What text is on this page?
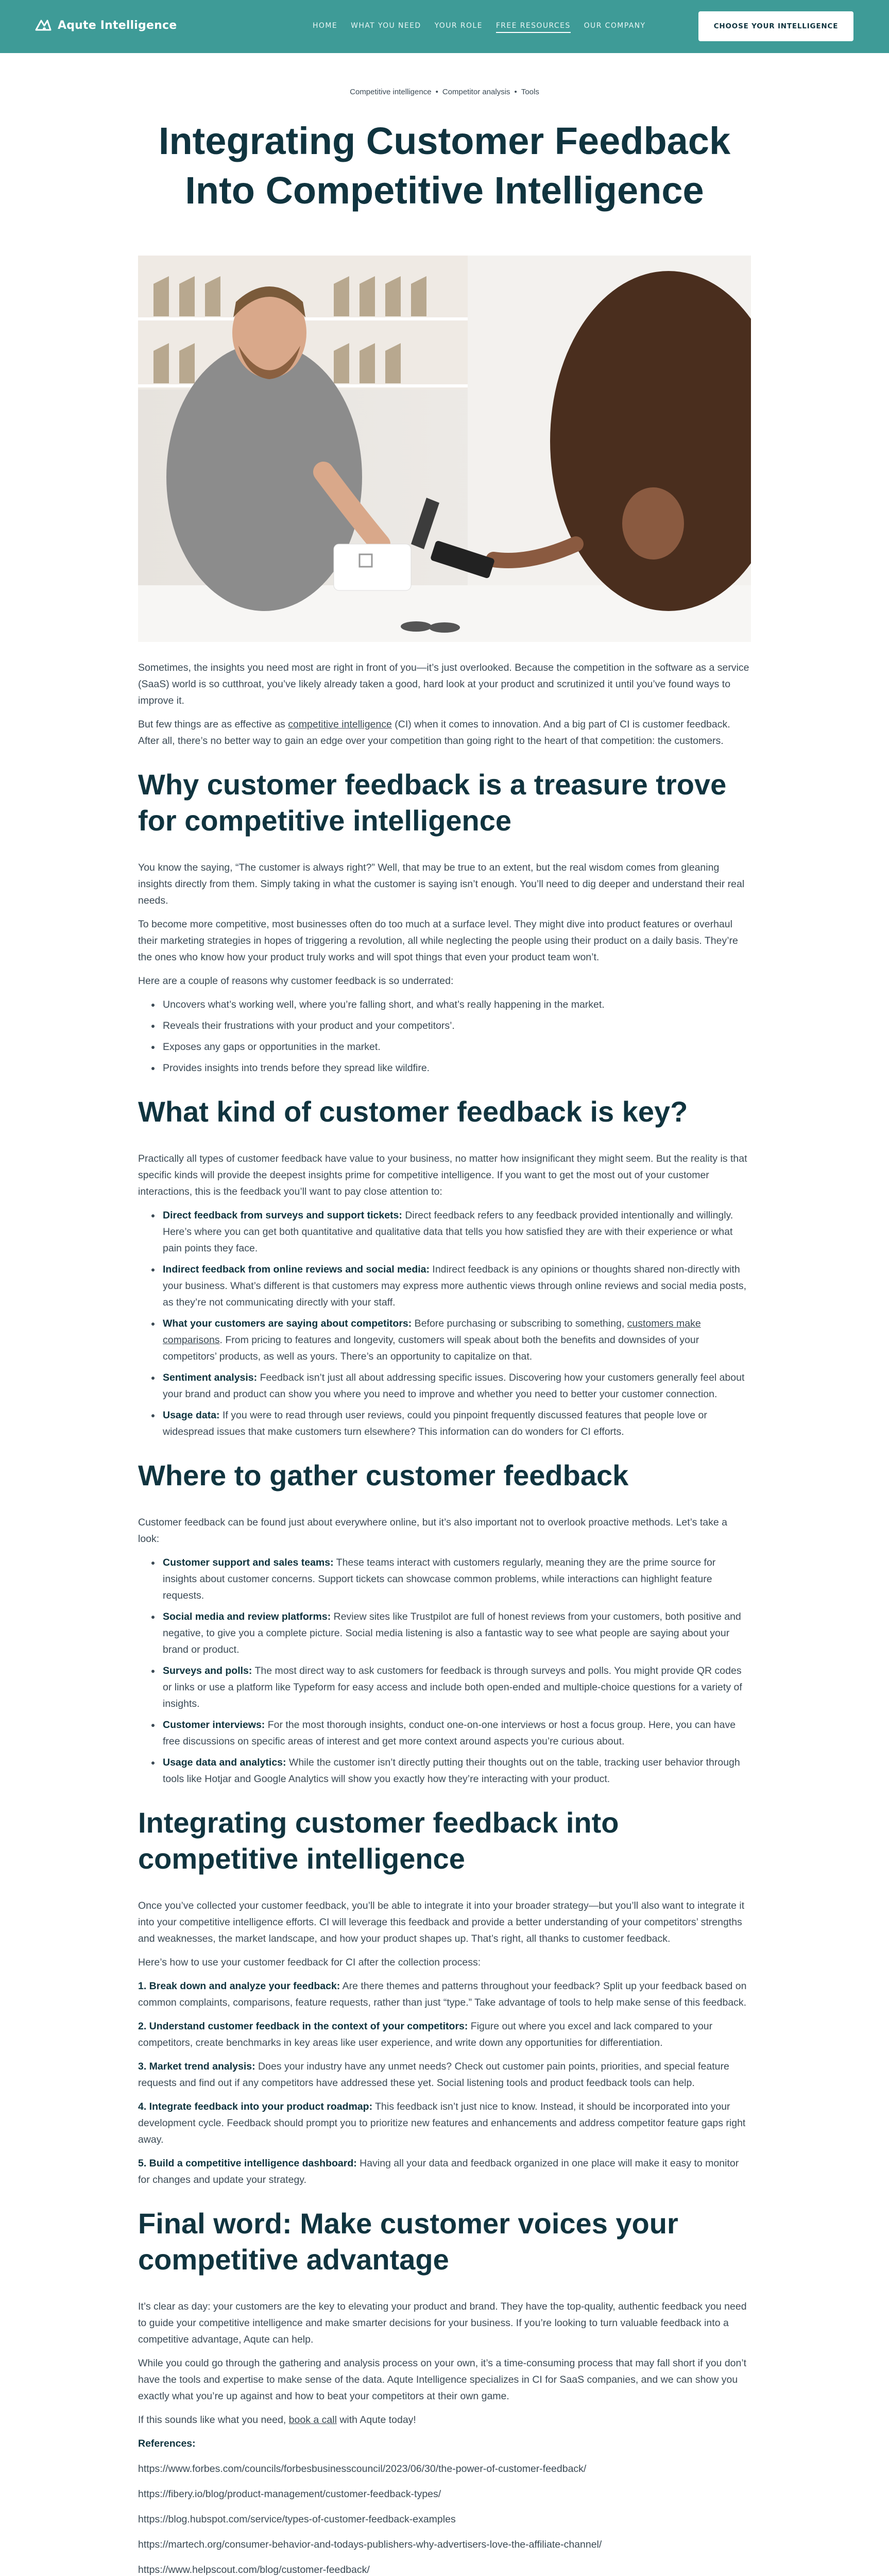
Aqute Intelligence	HOME WHAT YOU NEED YOUR ROLE FREE RESOURCES OUR COMPANY	CHOOSE YOUR INTELLIGENCE
Competitive intelligence • Competitor analysis • Tools
Integrating Customer Feedback Into Competitive Intelligence

Sometimes, the insights you need most are right in front of you—it’s just overlooked. Because the competition in the software as a service (SaaS) world is so cutthroat, you’ve likely already taken a good, hard look at your product and scrutinized it until you’ve found ways to improve it.

But few things are as effective as competitive intelligence (CI) when it comes to innovation. And a big part of CI is customer feedback. After all, there’s no better way to gain an edge over your competition than going right to the heart of that competition: the customers.

Why customer feedback is a treasure trove for competitive intelligence

You know the saying, “The customer is always right?” Well, that may be true to an extent, but the real wisdom comes from gleaning insights directly from them. Simply taking in what the customer is saying isn’t enough. You’ll need to dig deeper and understand their real needs.

To become more competitive, most businesses often do too much at a surface level. They might dive into product features or overhaul their marketing strategies in hopes of triggering a revolution, all while neglecting the people using their product on a daily basis. They’re the ones who know how your product truly works and will spot things that even your product team won’t.

Here are a couple of reasons why customer feedback is so underrated:

• Uncovers what’s working well, where you’re falling short, and what’s really happening in the market.
• Reveals their frustrations with your product and your competitors’.
• Exposes any gaps or opportunities in the market.
• Provides insights into trends before they spread like wildfire.
What kind of customer feedback is key?

Practically all types of customer feedback have value to your business, no matter how insignificant they might seem. But the reality is that specific kinds will provide the deepest insights prime for competitive intelligence. If you want to get the most out of your customer interactions, this is the feedback you’ll want to pay close attention to:

• Direct feedback from surveys and support tickets: Direct feedback refers to any feedback provided intentionally and willingly. Here’s where you can get both quantitative and qualitative data that tells you how satisfied they are with their experience or what pain points they face.
• Indirect feedback from online reviews and social media: Indirect feedback is any opinions or thoughts shared non-directly with your business. What’s different is that customers may express more authentic views through online reviews and social media posts, as they’re not communicating directly with your staff.
• What your customers are saying about competitors: Before purchasing or subscribing to something, customers make comparisons. From pricing to features and longevity, customers will speak about both the benefits and downsides of your competitors’ products, as well as yours. There’s an opportunity to capitalize on that.
• Sentiment analysis: Feedback isn’t just all about addressing specific issues. Discovering how your customers generally feel about your brand and product can show you where you need to improve and whether you need to better your customer connection.
• Usage data: If you were to read through user reviews, could you pinpoint frequently discussed features that people love or widespread issues that make customers turn elsewhere? This information can do wonders for CI efforts.
Where to gather customer feedback

Customer feedback can be found just about everywhere online, but it’s also important not to overlook proactive methods. Let’s take a look:

• Customer support and sales teams: These teams interact with customers regularly, meaning they are the prime source for insights about customer concerns. Support tickets can showcase common problems, while interactions can highlight feature requests.
• Social media and review platforms: Review sites like Trustpilot are full of honest reviews from your customers, both positive and negative, to give you a complete picture. Social media listening is also a fantastic way to see what people are saying about your brand or product.
• Surveys and polls: The most direct way to ask customers for feedback is through surveys and polls. You might provide QR codes or links or use a platform like Typeform for easy access and include both open-ended and multiple-choice questions for a variety of insights.
• Customer interviews: For the most thorough insights, conduct one-on-one interviews or host a focus group. Here, you can have free discussions on specific areas of interest and get more context around aspects you’re curious about.
• Usage data and analytics: While the customer isn’t directly putting their thoughts out on the table, tracking user behavior through tools like Hotjar and Google Analytics will show you exactly how they’re interacting with your product.
Integrating customer feedback into competitive intelligence

Once you’ve collected your customer feedback, you’ll be able to integrate it into your broader strategy—but you’ll also want to integrate it into your competitive intelligence efforts. CI will leverage this feedback and provide a better understanding of your competitors’ strengths and weaknesses, the market landscape, and how your product shapes up. That’s right, all thanks to customer feedback.

Here’s how to use your customer feedback for CI after the collection process:

1. Break down and analyze your feedback: Are there themes and patterns throughout your feedback? Split up your feedback based on common complaints, comparisons, feature requests, rather than just “type.” Take advantage of tools to help make sense of this feedback.

2. Understand customer feedback in the context of your competitors: Figure out where you excel and lack compared to your competitors, create benchmarks in key areas like user experience, and write down any opportunities for differentiation.

3. Market trend analysis: Does your industry have any unmet needs? Check out customer pain points, priorities, and special feature requests and find out if any competitors have addressed these yet. Social listening tools and product feedback tools can help.

4. Integrate feedback into your product roadmap: This feedback isn’t just nice to know. Instead, it should be incorporated into your development cycle. Feedback should prompt you to prioritize new features and enhancements and address competitor feature gaps right away.

5. Build a competitive intelligence dashboard: Having all your data and feedback organized in one place will make it easy to monitor for changes and update your strategy.

Final word: Make customer voices your competitive advantage

It’s clear as day: your customers are the key to elevating your product and brand. They have the top-quality, authentic feedback you need to guide your competitive intelligence and make smarter decisions for your business. If you’re looking to turn valuable feedback into a competitive advantage, Aqute can help.

While you could go through the gathering and analysis process on your own, it’s a time-consuming process that may fall short if you don’t have the tools and expertise to make sense of the data. Aqute Intelligence specializes in CI for SaaS companies, and we can show you exactly what you’re up against and how to beat your competitors at their own game.

If this sounds like what you need, book a call with Aqute today!

References:

https://www.forbes.com/councils/forbesbusinesscouncil/2023/06/30/the-power-of-customer-feedback/

https://fibery.io/blog/product-management/customer-feedback-types/

https://blog.hubspot.com/service/types-of-customer-feedback-examples

https://martech.org/consumer-behavior-and-todays-publishers-why-advertisers-love-the-affiliate-channel/

https://www.helpscout.com/blog/customer-feedback/
